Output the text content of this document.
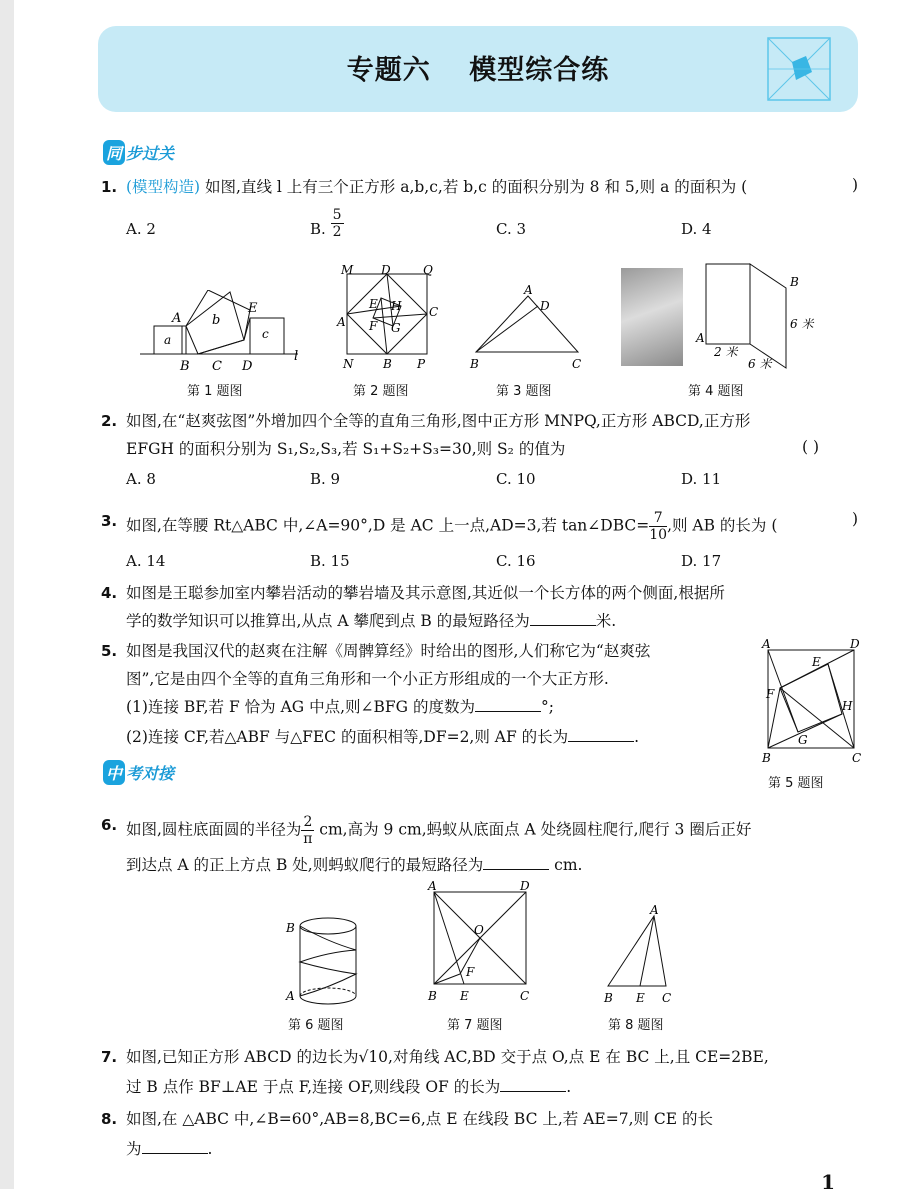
专题六 模型综合练
同 步过关
1. (模型构造) 如图,直线 l 上有三个正方形 a,b,c,若 b,c 的面积分别为 8 和 5,则 a 的面积为 (	)
A. 2	B. $\frac{5}{2}$	C. 3	D. 4
A b
E
a	c
B C D
l
第 1 题图
M D	Q
E H
A F G
C
N B P
第 2 题图
A
D
B	C
第 3 题图
B
6 米
A
2 米
6 米
第 4 题图
2. 如图,在“赵爽弦图”外增加四个全等的直角三角形,图中正方形 MNPQ,正方形 ABCD,正方形
EFGH 的面积分别为 S₁,S₂,S₃,若 S₁+S₂+S₃=30,则 S₂ 的值为	( )
A. 8	B. 9	C. 10	D. 11
3. 如图,在等腰 Rt△ABC 中,∠A=90°,D 是 AC 上一点,AD=3,若 tan∠DBC= $\frac{7}{10}$ ,则 AB 的长为 (	)
A. 14	B. 15	C. 16	D. 17
4. 如图是王聪参加室内攀岩活动的攀岩墙及其示意图,其近似一个长方体的两个侧面,根据所
学的数学知识可以推算出,从点 A 攀爬到点 B 的最短路径为	米.
5. 如图是我国汉代的赵爽在注解《周髀算经》时给出的图形,人们称它为“赵爽弦
图”,它是由四个全等的直角三角形和一个小正方形组成的一个大正方形.
(1)连接 BF,若 F 恰为 AG 中点,则∠BFG 的度数为	°;
(2)连接 CF,若△ABF 与△FEC 的面积相等,DF=2,则 AF 的长为	.
A	D
E
F
H
G
B	C
第 5 题图
中 考对接
6. 如图,圆柱底面圆的半径为 $\frac{2}{\pi}$ cm,高为 9 cm,蚂蚁从底面点 A 处绕圆柱爬行,爬行 3 圈后正好
到达点 A 的正上方点 B 处,则蚂蚁爬行的最短路径为	cm.
B
A
第 6 题图
A	D
O
F
B E	C
第 7 题图
A
B E C
第 8 题图
7. 如图,已知正方形 ABCD 的边长为√10,对角线 AC,BD 交于点 O,点 E 在 BC 上,且 CE=2BE,
过 B 点作 BF⊥AE 于点 F,连接 OF,则线段 OF 的长为	.
8. 如图,在 △ABC 中,∠B=60°,AB=8,BC=6,点 E 在线段 BC 上,若 AE=7,则 CE 的长
为	.
1
